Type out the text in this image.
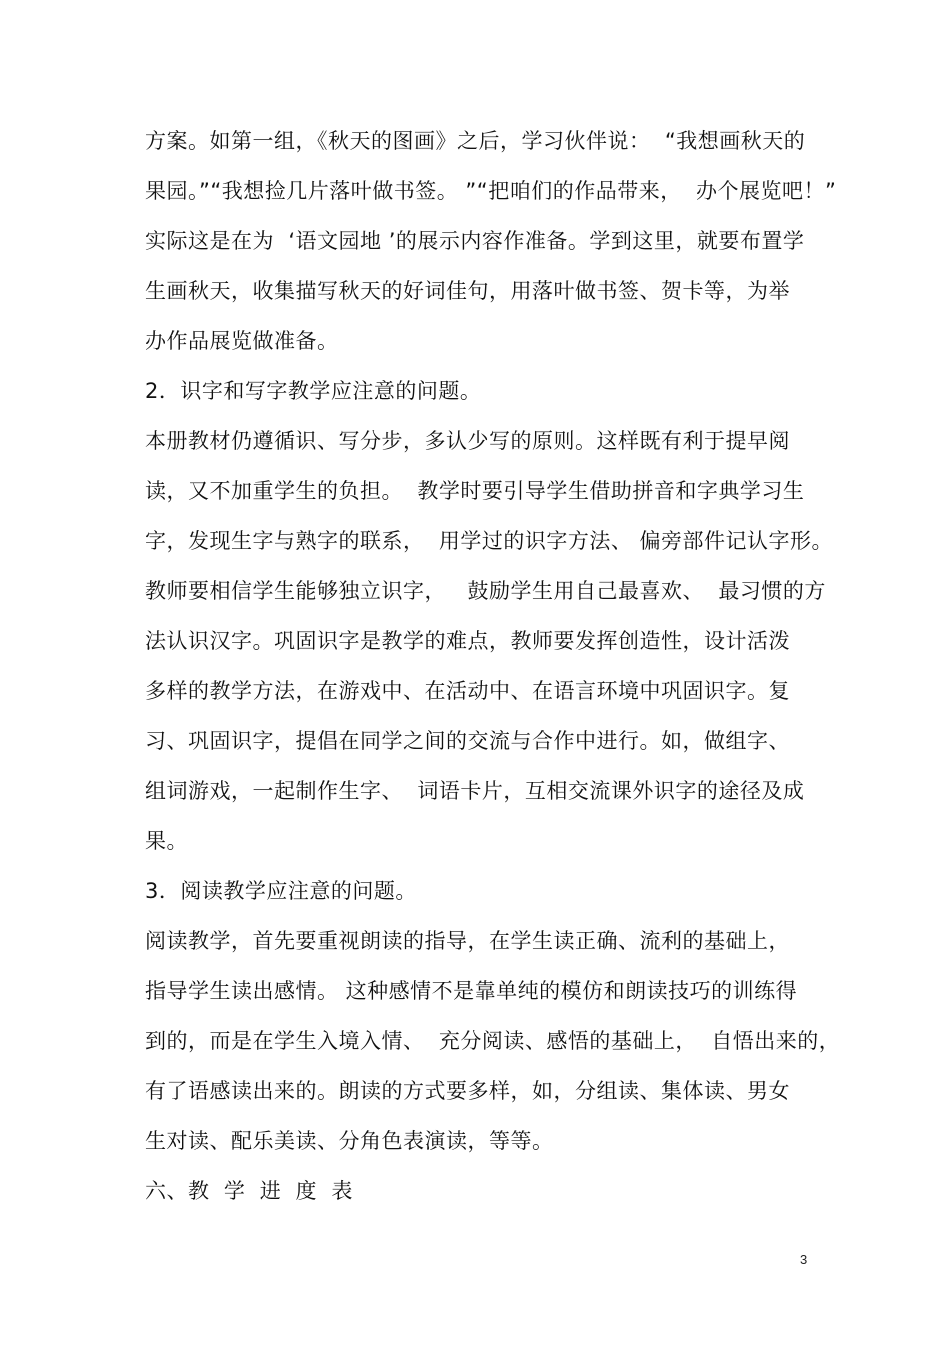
方案。如第一组，《秋天的图画》之后，学习伙伴说：  “我想画秋天的
果园。”“我想捡几片落叶做书签。 ”“把咱们的作品带来，  办个展览吧！”
实际这是在为  ‘语文园地 ’的展示内容作准备。学到这里，就要布置学
生画秋天，收集描写秋天的好词佳句，用落叶做书签、贺卡等，为举
办作品展览做准备。
2．识字和写字教学应注意的问题。
本册教材仍遵循识、写分步，多认少写的原则。这样既有利于提早阅
读，又不加重学生的负担。  教学时要引导学生借助拼音和字典学习生
字，发现生字与熟字的联系，  用学过的识字方法、 偏旁部件记认字形。
教师要相信学生能够独立识字，   鼓励学生用自己最喜欢、  最习惯的方
法认识汉字。巩固识字是教学的难点，教师要发挥创造性，设计活泼
多样的教学方法，在游戏中、在活动中、在语言环境中巩固识字。复
习、巩固识字，提倡在同学之间的交流与合作中进行。如，做组字、
组词游戏，一起制作生字、  词语卡片，互相交流课外识字的途径及成
果。
3．阅读教学应注意的问题。
阅读教学，首先要重视朗读的指导，在学生读正确、流利的基础上，
指导学生读出感情。 这种感情不是靠单纯的模仿和朗读技巧的训练得
到的，而是在学生入境入情、  充分阅读、感悟的基础上，  自悟出来的，
有了语感读出来的。朗读的方式要多样，如，分组读、集体读、男女
生对读、配乐美读、分角色表演读，等等。
六、教  学  进  度  表
3
